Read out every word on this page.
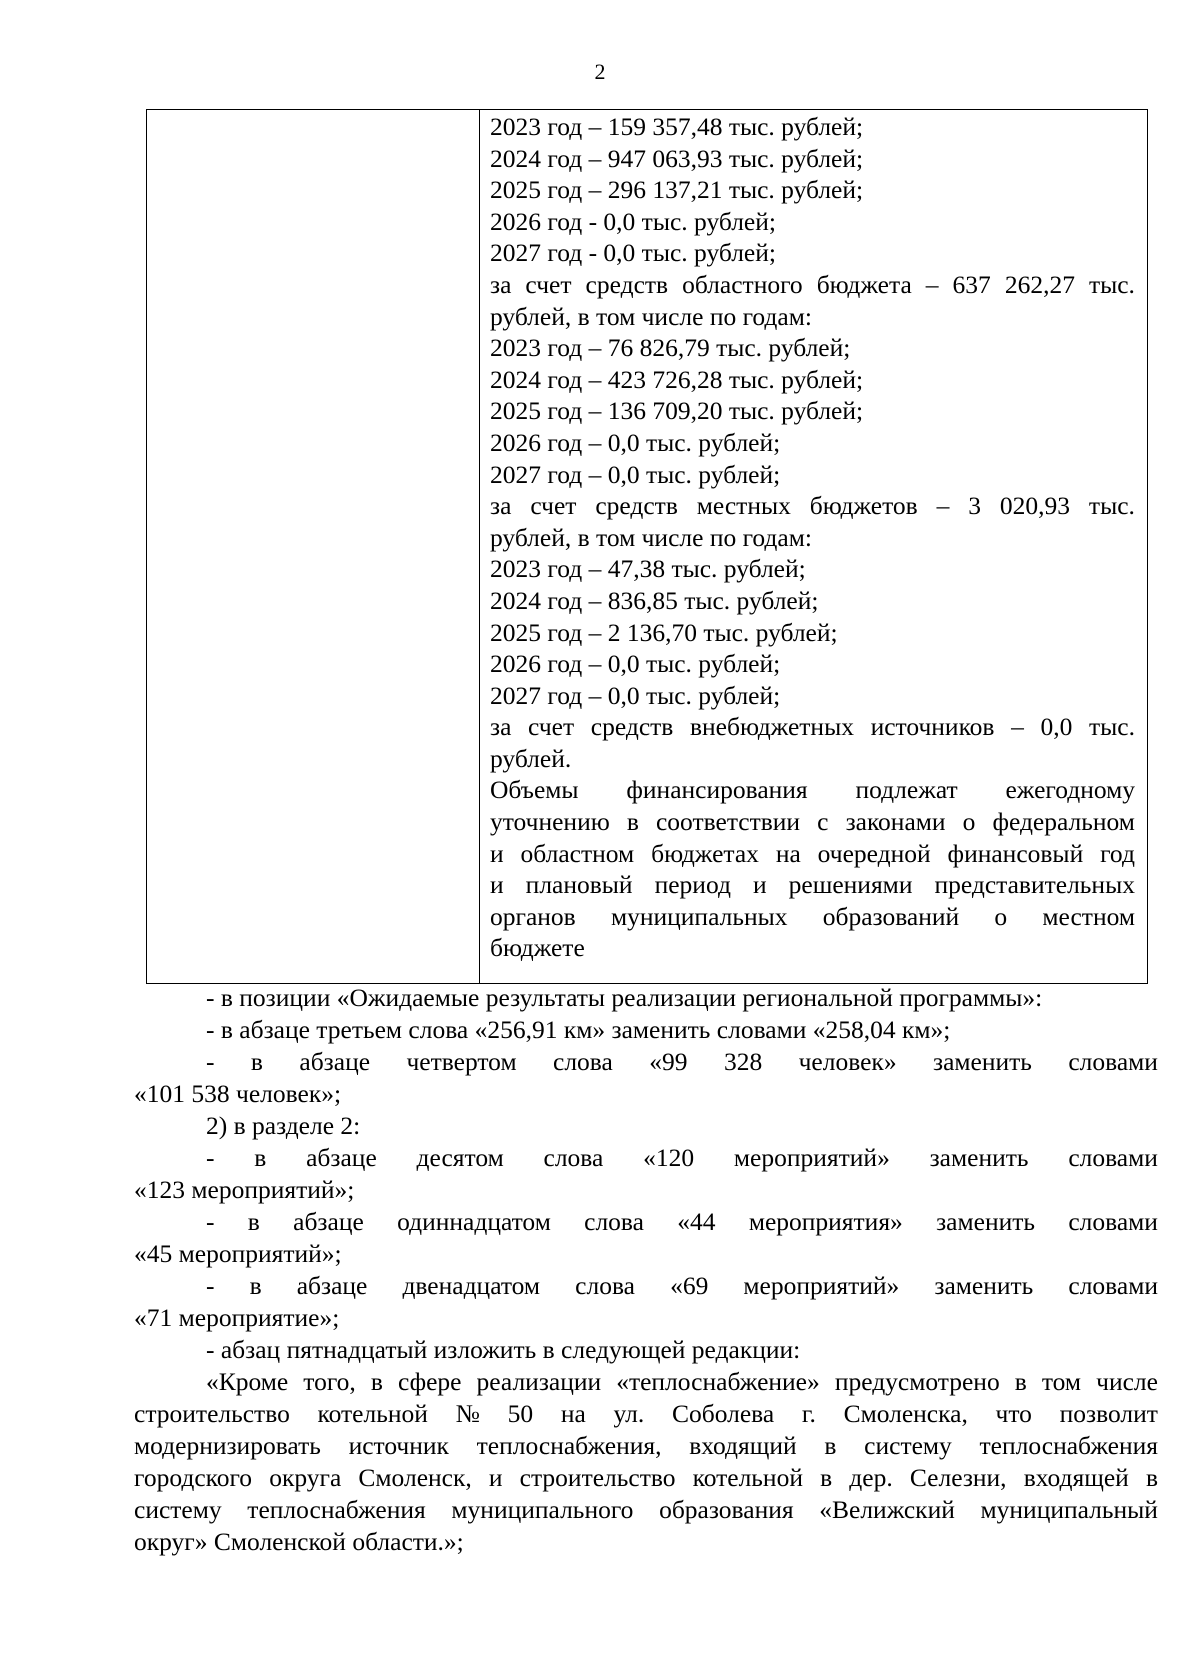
2
2023 год – 159 357,48 тыс. рублей;
2024 год – 947 063,93 тыс. рублей;
2025 год – 296 137,21 тыс. рублей;
2026 год - 0,0 тыс. рублей;
2027 год - 0,0 тыс. рублей;
за счет средств областного бюджета – 637 262,27 тыс.
рублей, в том числе по годам:
2023 год – 76 826,79 тыс. рублей;
2024 год – 423 726,28 тыс. рублей;
2025 год – 136 709,20 тыс. рублей;
2026 год – 0,0 тыс. рублей;
2027 год – 0,0 тыс. рублей;
за счет средств местных бюджетов – 3 020,93 тыс.
рублей, в том числе по годам:
2023 год – 47,38 тыс. рублей;
2024 год – 836,85 тыс. рублей;
2025 год – 2 136,70 тыс. рублей;
2026 год – 0,0 тыс. рублей;
2027 год – 0,0 тыс. рублей;
за счет средств внебюджетных источников – 0,0 тыс.
рублей.
Объемы финансирования подлежат ежегодному
уточнению в соответствии с законами о федеральном
и областном бюджетах на очередной финансовый год
и плановый период и решениями представительных
органов муниципальных образований о местном
бюджете
- в позиции «Ожидаемые результаты реализации региональной программы»:
- в абзаце третьем слова «256,91 км» заменить словами «258,04 км»;
- в абзаце четвертом слова «99 328 человек» заменить словами
«101 538 человек»;
2) в разделе 2:
- в абзаце десятом слова «120 мероприятий» заменить словами
«123 мероприятий»;
- в абзаце одиннадцатом слова «44 мероприятия» заменить словами
«45 мероприятий»;
- в абзаце двенадцатом слова «69 мероприятий» заменить словами
«71 мероприятие»;
- абзац пятнадцатый изложить в следующей редакции:
«Кроме того, в сфере реализации «теплоснабжение» предусмотрено в том числе
строительство котельной № 50 на ул. Соболева г. Смоленска, что позволит
модернизировать источник теплоснабжения, входящий в систему теплоснабжения
городского округа Смоленск, и строительство котельной в дер. Селезни, входящей в
систему теплоснабжения муниципального образования «Велижский муниципальный
округ» Смоленской области.»;
